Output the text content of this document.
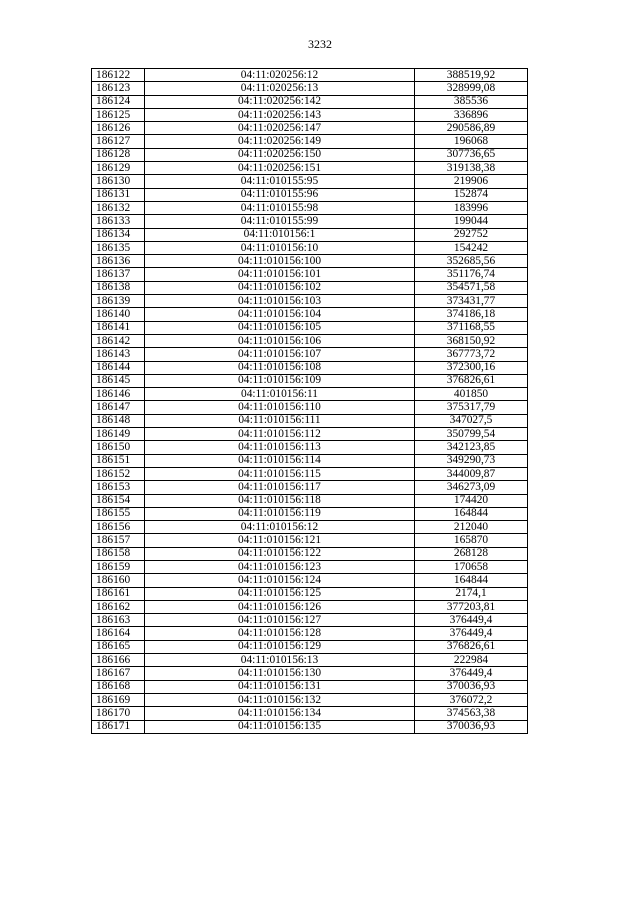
3232
186122	04:11:020256:12	388519,92
186123	04:11:020256:13	328999,08
186124	04:11:020256:142	385536
186125	04:11:020256:143	336896
186126	04:11:020256:147	290586,89
186127	04:11:020256:149	196068
186128	04:11:020256:150	307736,65
186129	04:11:020256:151	319138,38
186130	04:11:010155:95	219906
186131	04:11:010155:96	152874
186132	04:11:010155:98	183996
186133	04:11:010155:99	199044
186134	04:11:010156:1	292752
186135	04:11:010156:10	154242
186136	04:11:010156:100	352685,56
186137	04:11:010156:101	351176,74
186138	04:11:010156:102	354571,58
186139	04:11:010156:103	373431,77
186140	04:11:010156:104	374186,18
186141	04:11:010156:105	371168,55
186142	04:11:010156:106	368150,92
186143	04:11:010156:107	367773,72
186144	04:11:010156:108	372300,16
186145	04:11:010156:109	376826,61
186146	04:11:010156:11	401850
186147	04:11:010156:110	375317,79
186148	04:11:010156:111	347027,5
186149	04:11:010156:112	350799,54
186150	04:11:010156:113	342123,85
186151	04:11:010156:114	349290,73
186152	04:11:010156:115	344009,87
186153	04:11:010156:117	346273,09
186154	04:11:010156:118	174420
186155	04:11:010156:119	164844
186156	04:11:010156:12	212040
186157	04:11:010156:121	165870
186158	04:11:010156:122	268128
186159	04:11:010156:123	170658
186160	04:11:010156:124	164844
186161	04:11:010156:125	2174,1
186162	04:11:010156:126	377203,81
186163	04:11:010156:127	376449,4
186164	04:11:010156:128	376449,4
186165	04:11:010156:129	376826,61
186166	04:11:010156:13	222984
186167	04:11:010156:130	376449,4
186168	04:11:010156:131	370036,93
186169	04:11:010156:132	376072,2
186170	04:11:010156:134	374563,38
186171	04:11:010156:135	370036,93
